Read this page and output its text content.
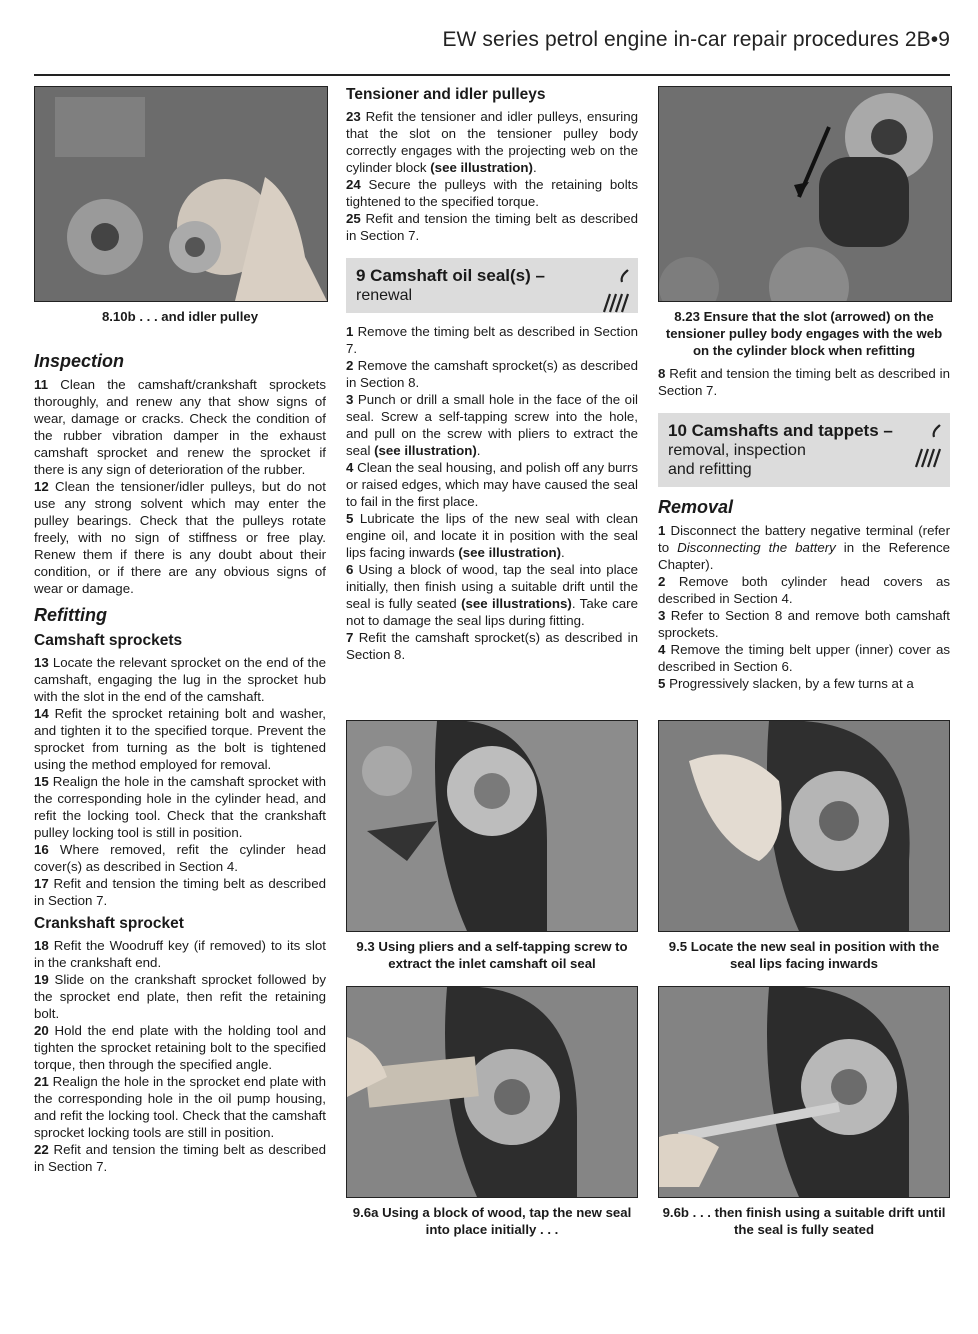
EW series petrol engine in-car repair procedures 2B•9
8.10b . . . and idler pulley
Inspection

11 Clean the camshaft/crankshaft sprockets thoroughly, and renew any that show signs of wear, damage or cracks. Check the condition of the rubber vibration damper in the exhaust camshaft sprocket and renew the sprocket if there is any sign of deterioration of the rubber.

12 Clean the tensioner/idler pulleys, but do not use any strong solvent which may enter the pulley bearings. Check that the pulleys rotate freely, with no sign of stiffness or free play. Renew them if there is any doubt about their condition, or if there are any obvious signs of wear or damage.

Refitting
Camshaft sprockets

13 Locate the relevant sprocket on the end of the camshaft, engaging the lug in the sprocket hub with the slot in the end of the camshaft.

14 Refit the sprocket retaining bolt and washer, and tighten it to the specified torque. Prevent the sprocket from turning as the bolt is tightened using the method employed for removal.

15 Realign the hole in the camshaft sprocket with the corresponding hole in the cylinder head, and refit the locking tool. Check that the crankshaft pulley locking tool is still in position.

16 Where removed, refit the cylinder head cover(s) as described in Section 4.

17 Refit and tension the timing belt as described in Section 7.

Crankshaft sprocket

18 Refit the Woodruff key (if removed) to its slot in the crankshaft end.

19 Slide on the crankshaft sprocket followed by the sprocket end plate, then refit the retaining bolt.

20 Hold the end plate with the holding tool and tighten the sprocket retaining bolt to the specified torque, then through the specified angle.

21 Realign the hole in the sprocket end plate with the corresponding hole in the oil pump housing, and refit the locking tool. Check that the camshaft sprocket locking tools are still in position.

22 Refit and tension the timing belt as described in Section 7.

Tensioner and idler pulleys

23 Refit the tensioner and idler pulleys, ensuring that the slot on the tensioner pulley body correctly engages with the projecting web on the cylinder block (see illustration).

24 Secure the pulleys with the retaining bolts tightened to the specified torque.

25 Refit and tension the timing belt as described in Section 7.

9 Camshaft oil seal(s) –
renewal

1 Remove the timing belt as described in Section 7.

2 Remove the camshaft sprocket(s) as described in Section 8.

3 Punch or drill a small hole in the face of the oil seal. Screw a self-tapping screw into the hole, and pull on the screw with pliers to extract the seal (see illustration).

4 Clean the seal housing, and polish off any burrs or raised edges, which may have caused the seal to fail in the first place.

5 Lubricate the lips of the new seal with clean engine oil, and locate it in position with the seal lips facing inwards (see illustration).

6 Using a block of wood, tap the seal into place initially, then finish using a suitable drift until the seal is fully seated (see illustrations). Take care not to damage the seal lips during fitting.

7 Refit the camshaft sprocket(s) as described in Section 8.

8.23 Ensure that the slot (arrowed) on the tensioner pulley body engages with the web on the cylinder block when refitting

8 Refit and tension the timing belt as described in Section 7.

10 Camshafts and tappets –
removal, inspection
and refitting
Removal

1 Disconnect the battery negative terminal (refer to Disconnecting the battery in the Reference Chapter).

2 Remove both cylinder head covers as described in Section 4.

3 Refer to Section 8 and remove both camshaft sprockets.

4 Remove the timing belt upper (inner) cover as described in Section 6.

5 Progressively slacken, by a few turns at a

9.3 Using pliers and a self-tapping screw to extract the inlet camshaft oil seal
9.5 Locate the new seal in position with the seal lips facing inwards
9.6a Using a block of wood, tap the new seal into place initially . . .
9.6b . . . then finish using a suitable drift until the seal is fully seated
